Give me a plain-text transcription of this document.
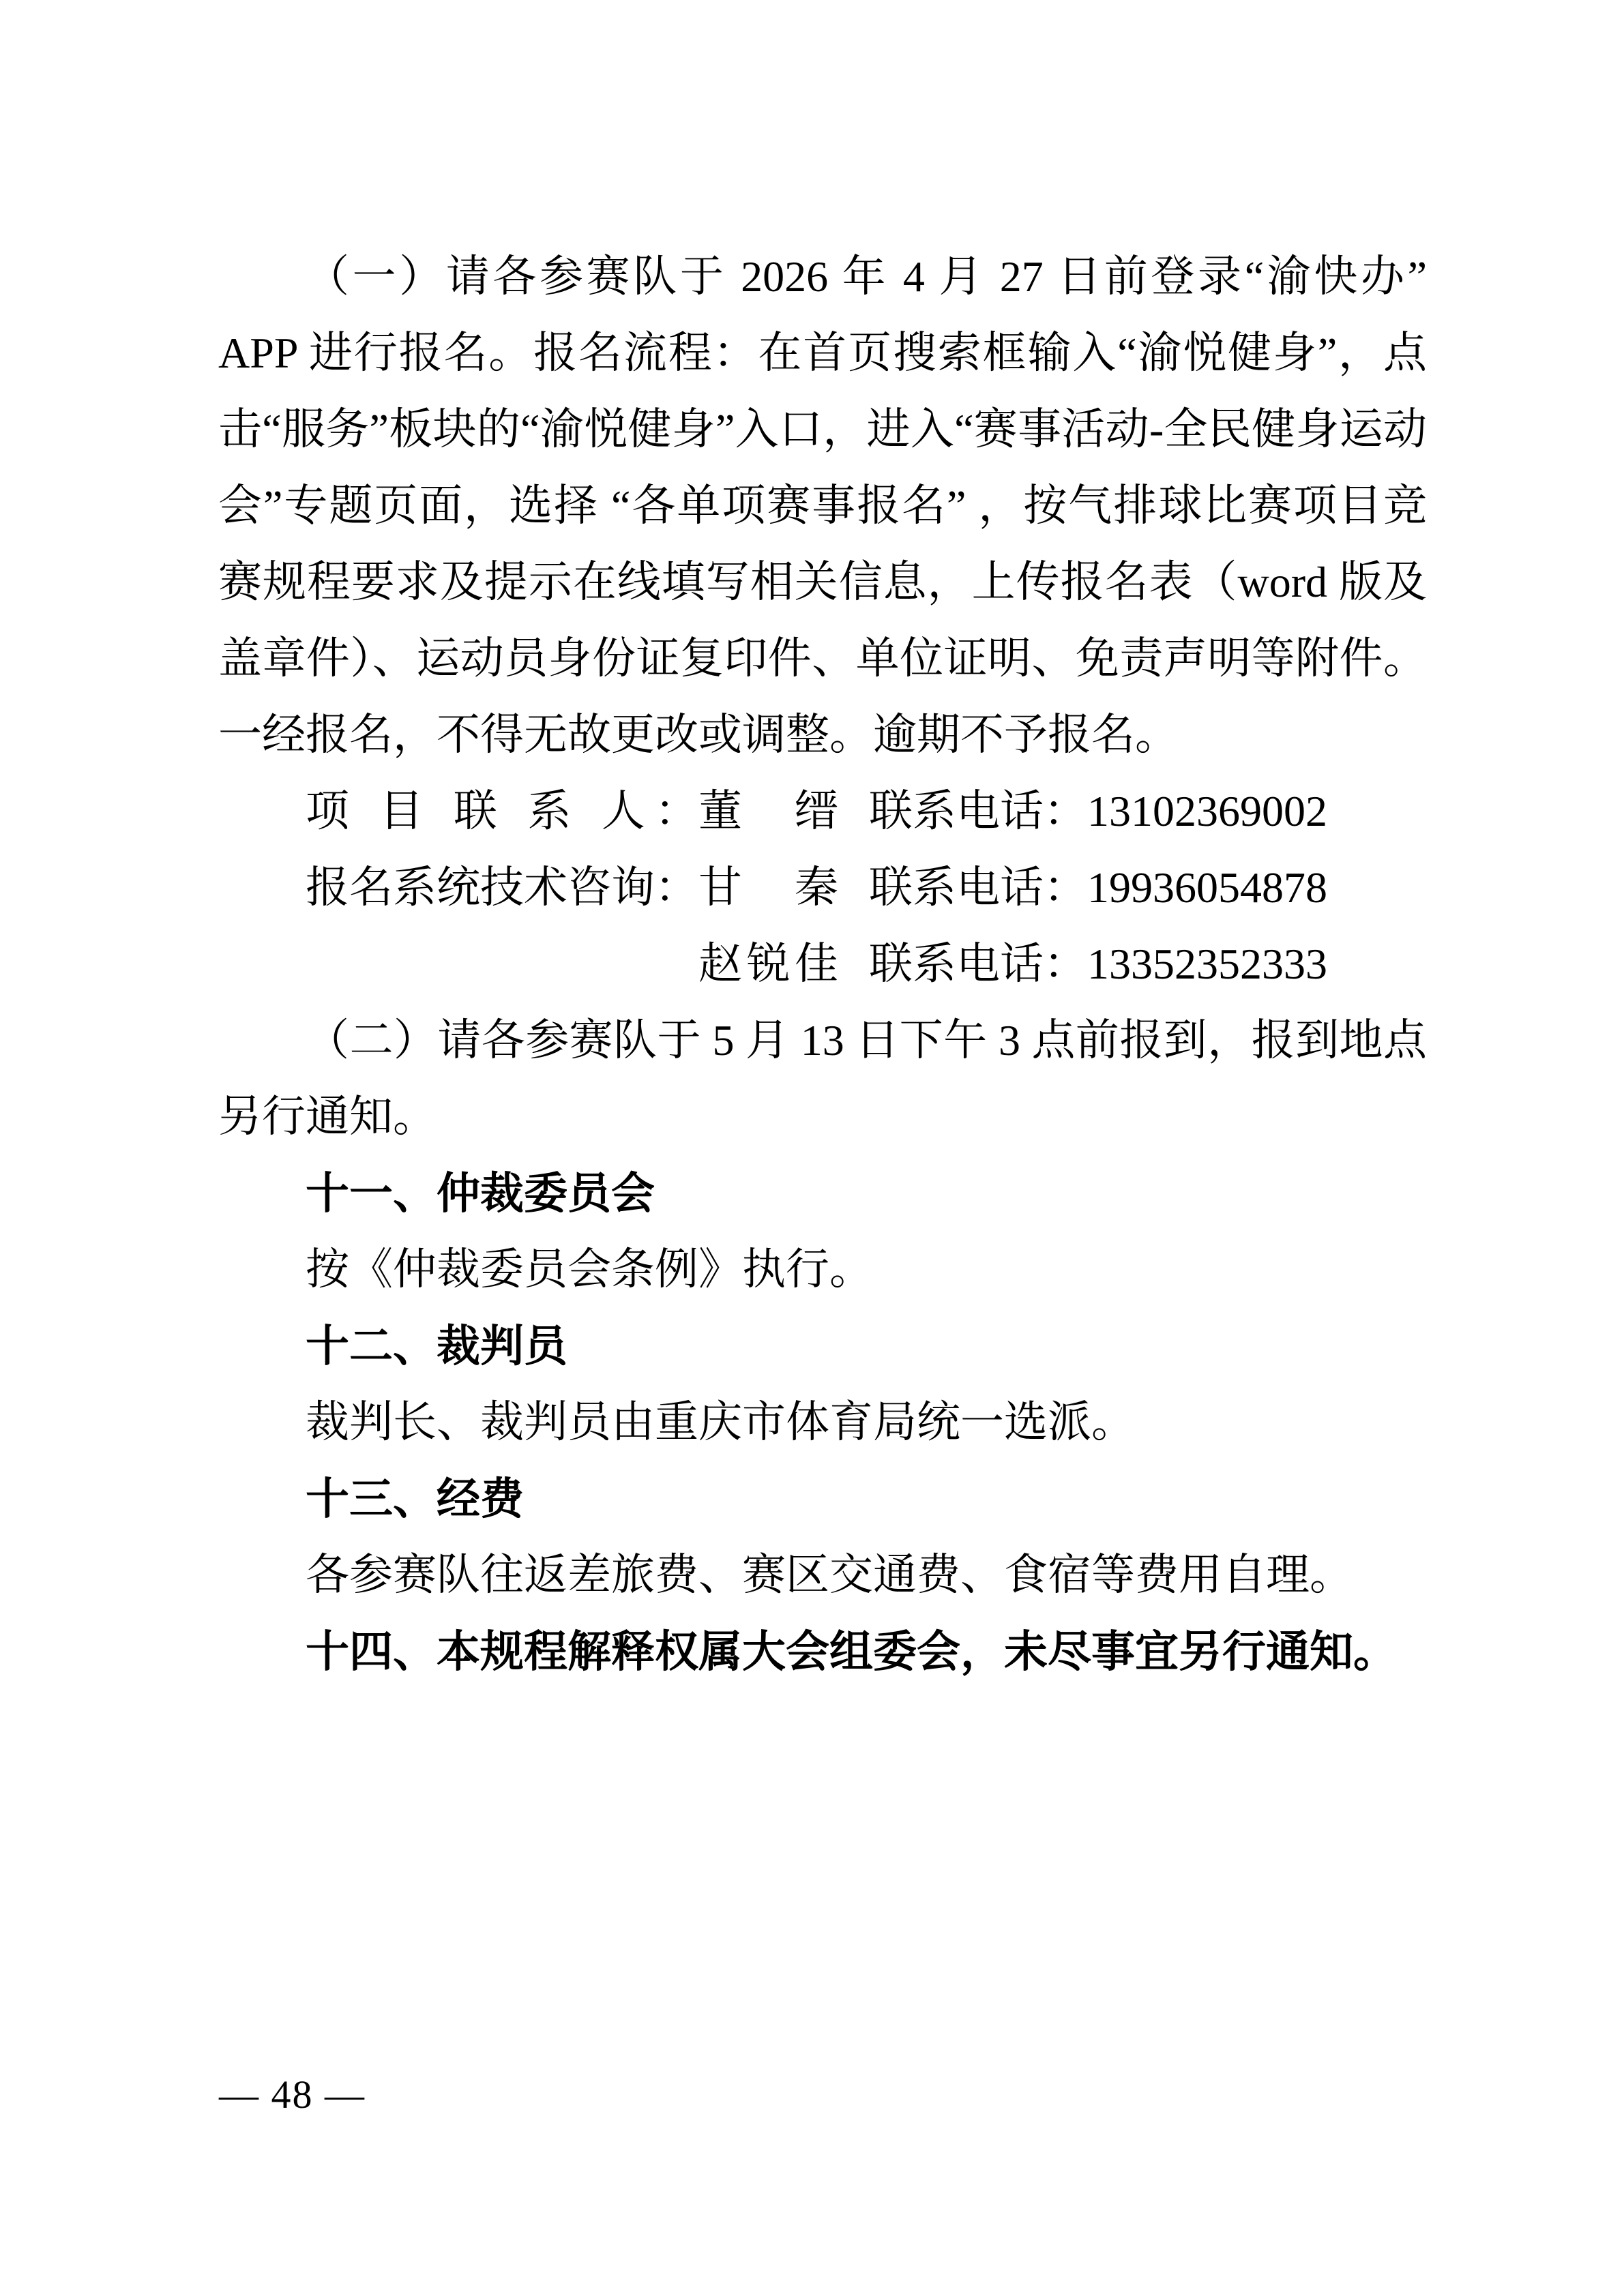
（一）请各参赛队于 2026 年 4 月 27 日前登录“渝快办”APP 进行报名。报名流程：在首页搜索框输入“渝悦健身”，点击“服务”板块的“渝悦健身”入口，进入“赛事活动-全民健身运动会”专题页面，选择 “各单项赛事报名” ，按气排球比赛项目竞赛规程要求及提示在线填写相关信息，上传报名表（word 版及盖章件）、运动员身份证复印件、单位证明、免责声明等附件。一经报名，不得无故更改或调整。逾期不予报名。

项 目 联 系 人：董缙 联系电话：13102369002
报名系统技术咨询：甘秦 联系电话：19936054878
赵锐佳 联系电话：13352352333

（二）请各参赛队于 5 月 13 日下午 3 点前报到，报到地点另行通知。

十一、仲裁委员会

按《仲裁委员会条例》执行。

十二、裁判员

裁判长、裁判员由重庆市体育局统一选派。

十三、经费

各参赛队往返差旅费、赛区交通费、食宿等费用自理。

十四、本规程解释权属大会组委会，未尽事宜另行通知。

— 48 —
